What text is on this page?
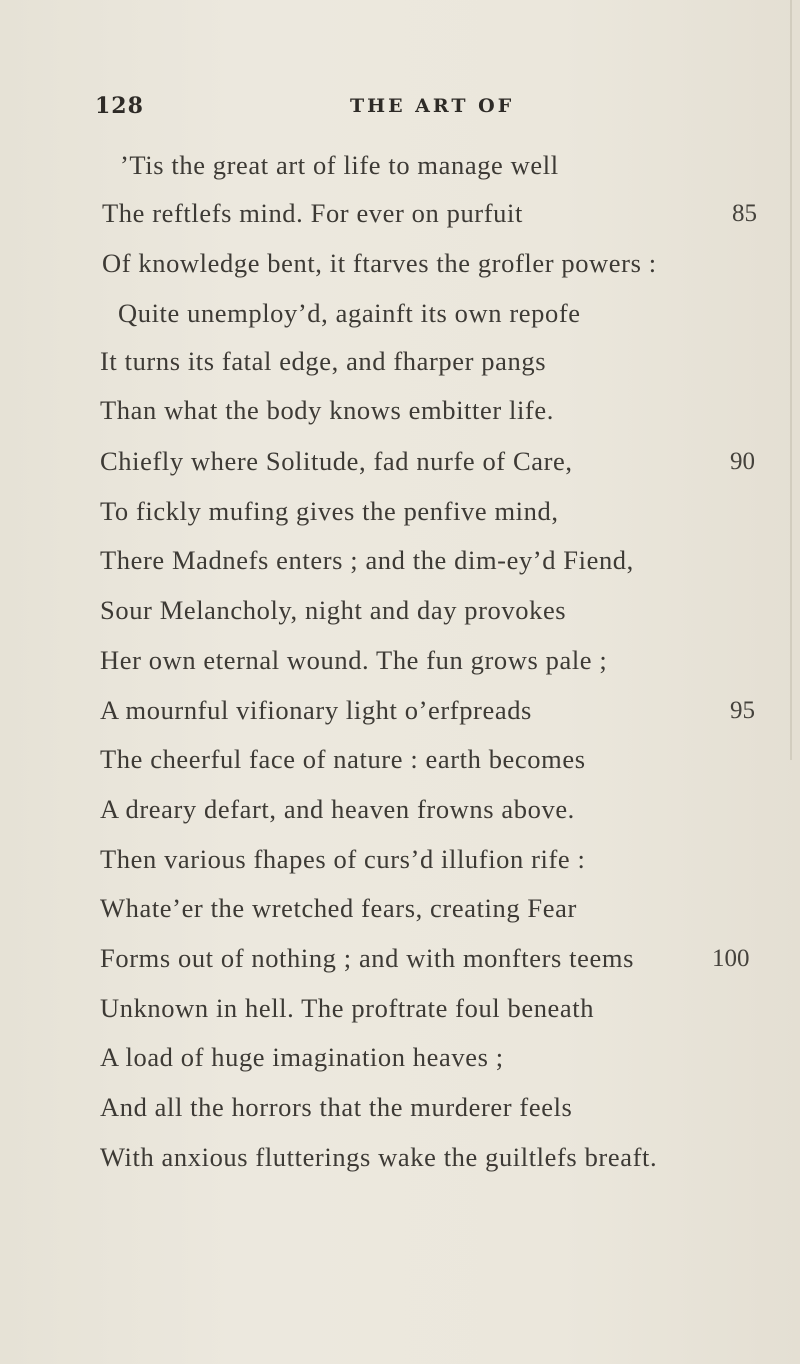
128	THE ART OF
’Tis the great art of life to manage well
The reftlefs mind. For ever on purfuit
Of knowledge bent, it ftarves the grofler powers :
Quite unemploy’d, againft its own repofe
It turns its fatal edge, and fharper pangs
Than what the body knows embitter life.
Chiefly where Solitude, fad nurfe of Care,
To fickly mufing gives the penfive mind,
There Madnefs enters ; and the dim-ey’d Fiend,
Sour Melancholy, night and day provokes
Her own eternal wound. The fun grows pale ;
A mournful vifionary light o’erfpreads
The cheerful face of nature : earth becomes
A dreary defart, and heaven frowns above.
Then various fhapes of curs’d illufion rife :
Whate’er the wretched fears, creating Fear
Forms out of nothing ; and with monfters teems
Unknown in hell. The proftrate foul beneath
A load of huge imagination heaves ;
And all the horrors that the murderer feels
With anxious flutterings wake the guiltlefs breaft.
85
90
95
100
